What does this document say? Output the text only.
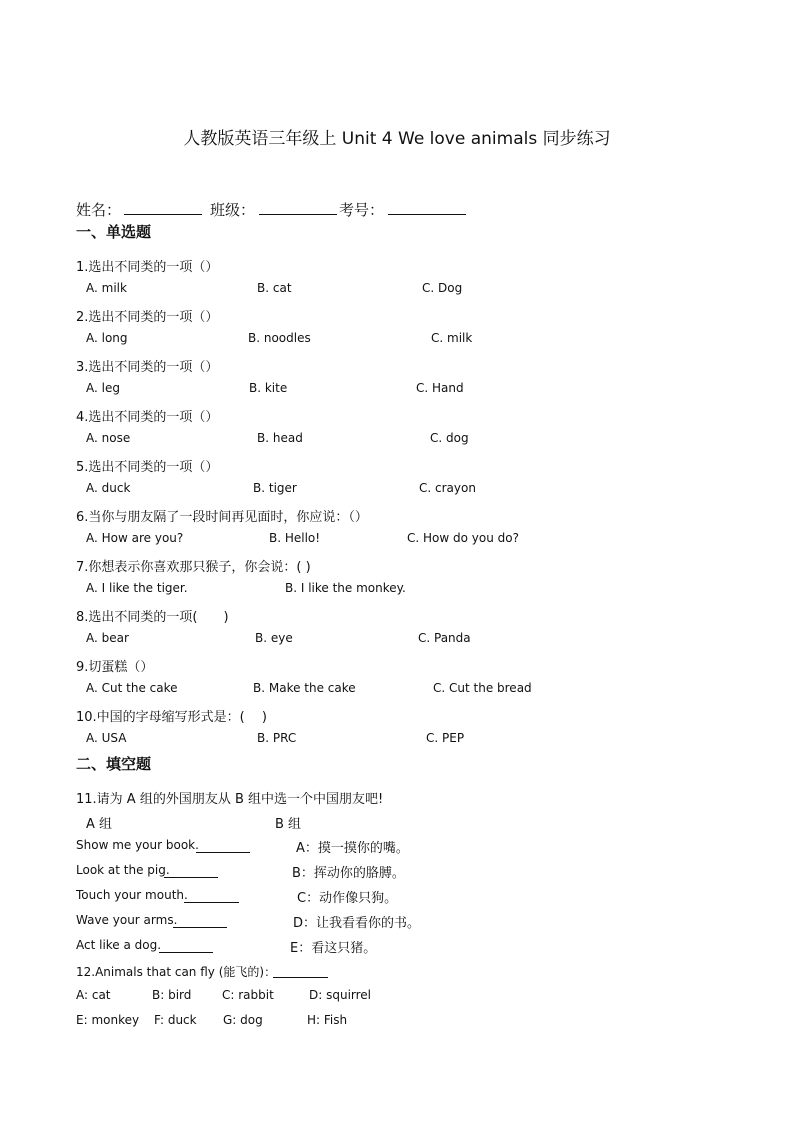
人教版英语三年级上 Unit 4 We love animals 同步练习
姓名：	班级：	考号：
一、单选题
1.选出不同类的一项（）
A. milk	B. cat	C. Dog
2.选出不同类的一项（）
A. long	B. noodles	C. milk
3.选出不同类的一项（）
A. leg	B. kite	C. Hand
4.选出不同类的一项（）
A. nose	B. head	C. dog
5.选出不同类的一项（）
A. duck	B. tiger	C. crayon
6.当你与朋友隔了一段时间再见面时，你应说：（）
A. How are you?	B. Hello!	C. How do you do?
7.你想表示你喜欢那只猴子，你会说：( )
A. I like the tiger.	B. I like the monkey.
8.选出不同类的一项(　　)
A. bear	B. eye	C. Panda
9.切蛋糕（）
A. Cut the cake	B. Make the cake	C. Cut the bread
10.中国的字母缩写形式是：(　 )
A. USA	B. PRC	C. PEP
二、填空题
11.请为 A 组的外国朋友从 B 组中选一个中国朋友吧!
A 组	B 组
Show me your book.	A：摸一摸你的嘴。
Look at the pig.	B：挥动你的胳膊。
Touch your mouth.	C：动作像只狗。
Wave your arms.	D：让我看看你的书。
Act like a dog.	E：看这只猪。
12.Animals that can fly (能飞的)：
A: cat	B: bird	C: rabbit	D: squirrel
E: monkey F: duck G: dog	H: Fish
